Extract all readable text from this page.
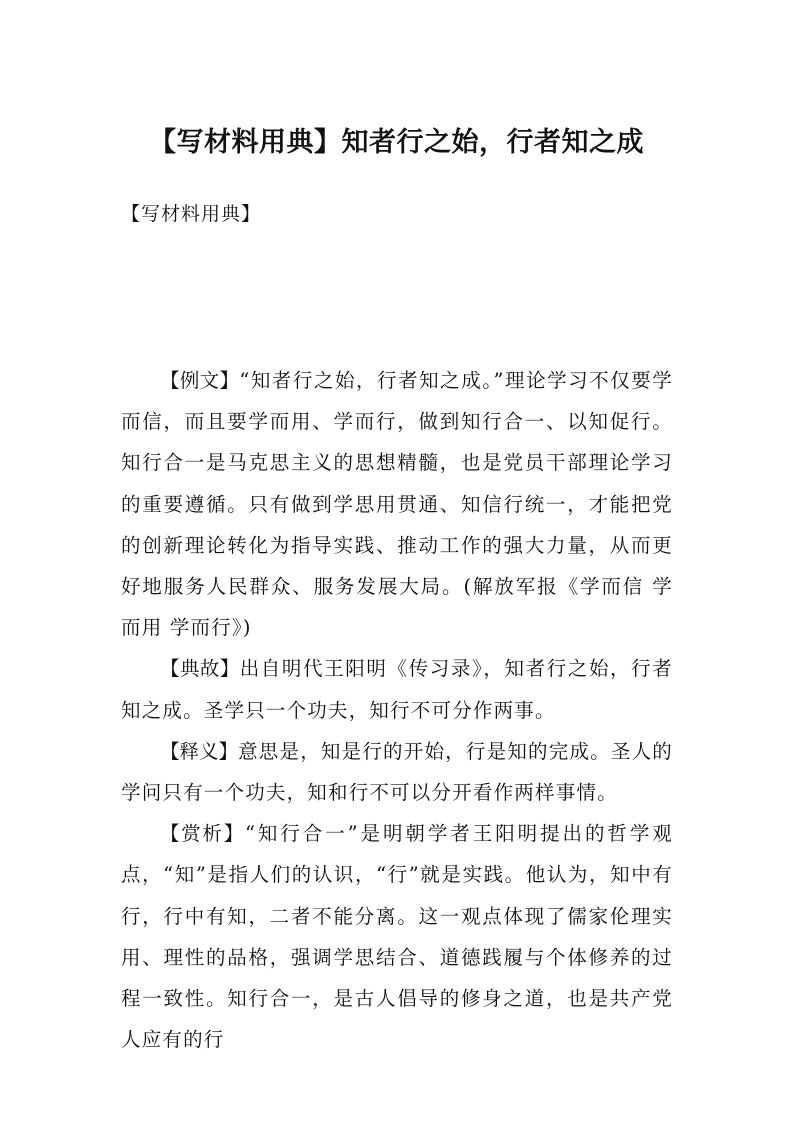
【写材料用典】知者行之始，行者知之成

【写材料用典】

【例文】“知者行之始，行者知之成。”理论学习不仅要学而信，而且要学而用、学而行，做到知行合一、以知促行。知行合一是马克思主义的思想精髓，也是党员干部理论学习的重要遵循。只有做到学思用贯通、知信行统一，才能把党的创新理论转化为指导实践、推动工作的强大力量，从而更好地服务人民群众、服务发展大局。(解放军报《学而信 学而用 学而行》)

【典故】出自明代王阳明《传习录》，知者行之始，行者知之成。圣学只一个功夫，知行不可分作两事。

【释义】意思是，知是行的开始，行是知的完成。圣人的学问只有一个功夫，知和行不可以分开看作两样事情。

【赏析】“知行合一”是明朝学者王阳明提出的哲学观点，“知”是指人们的认识，“行”就是实践。他认为，知中有行，行中有知，二者不能分离。这一观点体现了儒家伦理实用、理性的品格，强调学思结合、道德践履与个体修养的过程一致性。知行合一，是古人倡导的修身之道，也是共产党人应有的行
